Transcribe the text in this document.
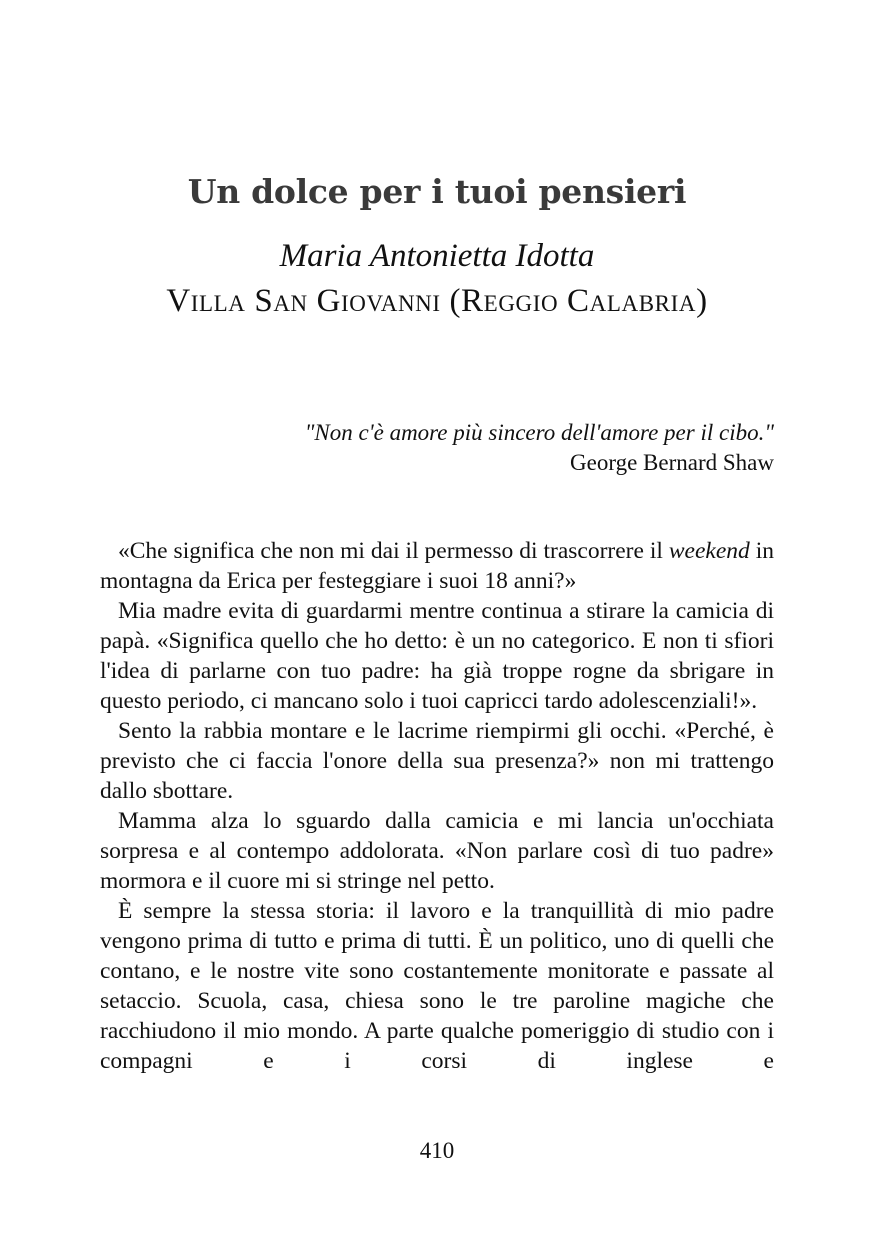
Un dolce per i tuoi pensieri
Maria Antonietta Idotta
Villa San Giovanni (Reggio Calabria)
"Non c'è amore più sincero dell'amore per il cibo."
George Bernard Shaw

«Che significa che non mi dai il permesso di trascorrere il weekend in montagna da Erica per festeggiare i suoi 18 anni?»

Mia madre evita di guardarmi mentre continua a stirare la camicia di papà. «Significa quello che ho detto: è un no categorico. E non ti sfiori l'idea di parlarne con tuo padre: ha già troppe rogne da sbrigare in questo periodo, ci mancano solo i tuoi capricci tardo adolescenziali!».

Sento la rabbia montare e le lacrime riempirmi gli occhi. «Perché, è previsto che ci faccia l'onore della sua presenza?» non mi trattengo dallo sbottare.

Mamma alza lo sguardo dalla camicia e mi lancia un'occhiata sorpresa e al contempo addolorata. «Non parlare così di tuo padre» mormora e il cuore mi si stringe nel petto.

È sempre la stessa storia: il lavoro e la tranquillità di mio padre vengono prima di tutto e prima di tutti. È un politico, uno di quelli che contano, e le nostre vite sono costantemente monitorate e passate al setaccio. Scuola, casa, chiesa sono le tre paroline magiche che racchiudono il mio mondo. A parte qualche pomeriggio di studio con i compagni e i corsi di inglese e

410
